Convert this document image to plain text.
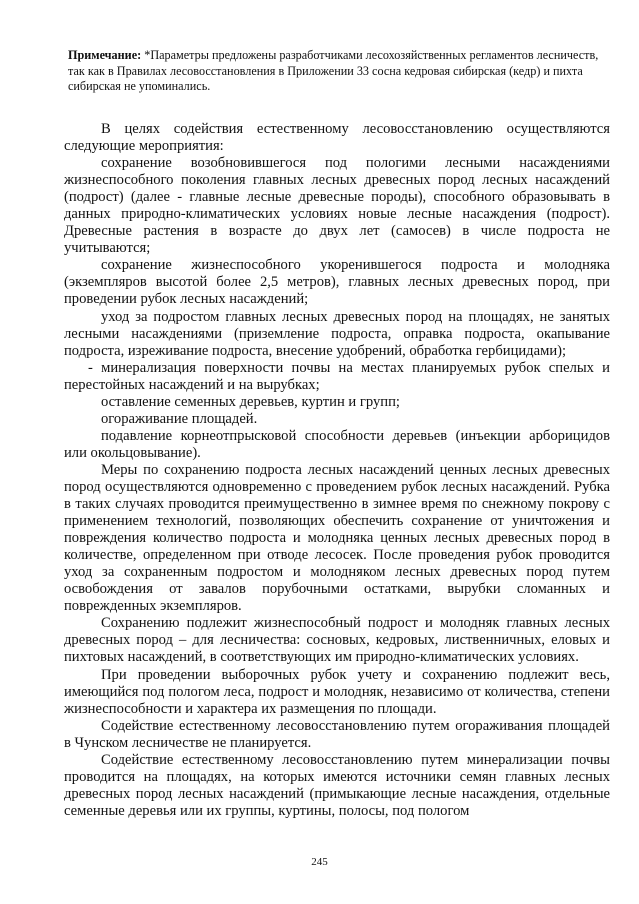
Примечание: *Параметры предложены разработчиками лесохозяйственных регламентов лесничеств, так как в Правилах лесовосстановления в Приложении 33 сосна кедровая сибирская (кедр) и пихта сибирская не упоминались.

В целях содействия естественному лесовосстановлению осуществляются следующие мероприятия:

сохранение возобновившегося под пологими лесными насаждениями жизнеспособного поколения главных лесных древесных пород лесных насаждений (подрост) (далее - главные лесные древесные породы), способного образовывать в данных природно-климатических условиях новые лесные насаждения (подрост). Древесные растения в возрасте до двух лет (самосев) в числе подроста не учитываются;

сохранение жизнеспособного укоренившегося подроста и молодняка (экземпляров высотой более 2,5 метров), главных лесных древесных пород, при проведении рубок лесных насаждений;

уход за подростом главных лесных древесных пород на площадях, не занятых лесными насаждениями (приземление подроста, оправка подроста, окапывание подроста, изреживание подроста, внесение удобрений, обработка гербицидами);

- минерализация поверхности почвы на местах планируемых рубок спелых и перестойных насаждений и на вырубках;

оставление семенных деревьев, куртин и групп;

огораживание площадей.

подавление корнеотпрысковой способности деревьев (инъекции арборицидов или окольцовывание).

Меры по сохранению подроста лесных насаждений ценных лесных древесных пород осуществляются одновременно с проведением рубок лесных насаждений. Рубка в таких случаях проводится преимущественно в зимнее время по снежному покрову с применением технологий, позволяющих обеспечить сохранение от уничтожения и повреждения количество подроста и молодняка ценных лесных древесных пород в количестве, определенном при отводе лесосек. После проведения рубок проводится уход за сохраненным подростом и молодняком лесных древесных пород путем освобождения от завалов порубочными остатками, вырубки сломанных и поврежденных экземпляров.

Сохранению подлежит жизнеспособный подрост и молодняк главных лесных древесных пород – для лесничества: сосновых, кедровых, лиственничных, еловых и пихтовых насаждений, в соответствующих им природно-климатических условиях.

При проведении выборочных рубок учету и сохранению подлежит весь, имеющийся под пологом леса, подрост и молодняк, независимо от количества, степени жизнеспособности и характера их размещения по площади.

Содействие естественному лесовосстановлению путем огораживания площадей в Чунском лесничестве не планируется.

Содействие естественному лесовосстановлению путем минерализации почвы проводится на площадях, на которых имеются источники семян главных лесных древесных пород лесных насаждений (примыкающие лесные насаждения, отдельные семенные деревья или их группы, куртины, полосы, под пологом

245
